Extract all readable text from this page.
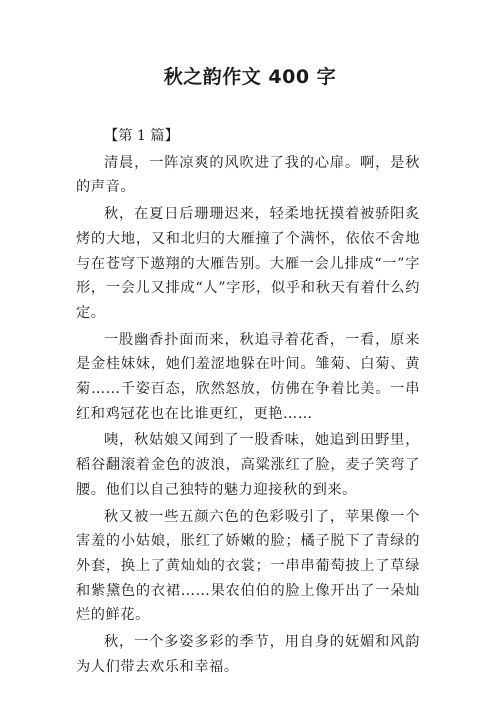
秋之韵作文 400 字
【第 1 篇】

清晨，一阵凉爽的风吹进了我的心扉。啊，是秋的声音。

秋，在夏日后珊珊迟来，轻柔地抚摸着被骄阳炙烤的大地，又和北归的大雁撞了个满怀，依依不舍地与在苍穹下遨翔的大雁告别。大雁一会儿排成“一”字形，一会儿又排成“人”字形，似乎和秋天有着什么约定。

一股幽香扑面而来，秋追寻着花香，一看，原来是金桂妹妹，她们羞涩地躲在叶间。雏菊、白菊、黄菊……千姿百态，欣然怒放，仿佛在争着比美。一串红和鸡冠花也在比谁更红，更艳……

咦，秋姑娘又闻到了一股香味，她追到田野里，稻谷翻滚着金色的波浪，高粱涨红了脸，麦子笑弯了腰。他们以自己独特的魅力迎接秋的到来。

秋又被一些五颜六色的色彩吸引了，苹果像一个害羞的小姑娘，胀红了娇嫩的脸；橘子脱下了青绿的外套，换上了黄灿灿的衣裳；一串串葡萄披上了草绿和紫黛色的衣裙……果农伯伯的脸上像开出了一朵灿烂的鲜花。

秋，一个多姿多彩的季节，用自身的妩媚和风韵为人们带去欢乐和幸福。
